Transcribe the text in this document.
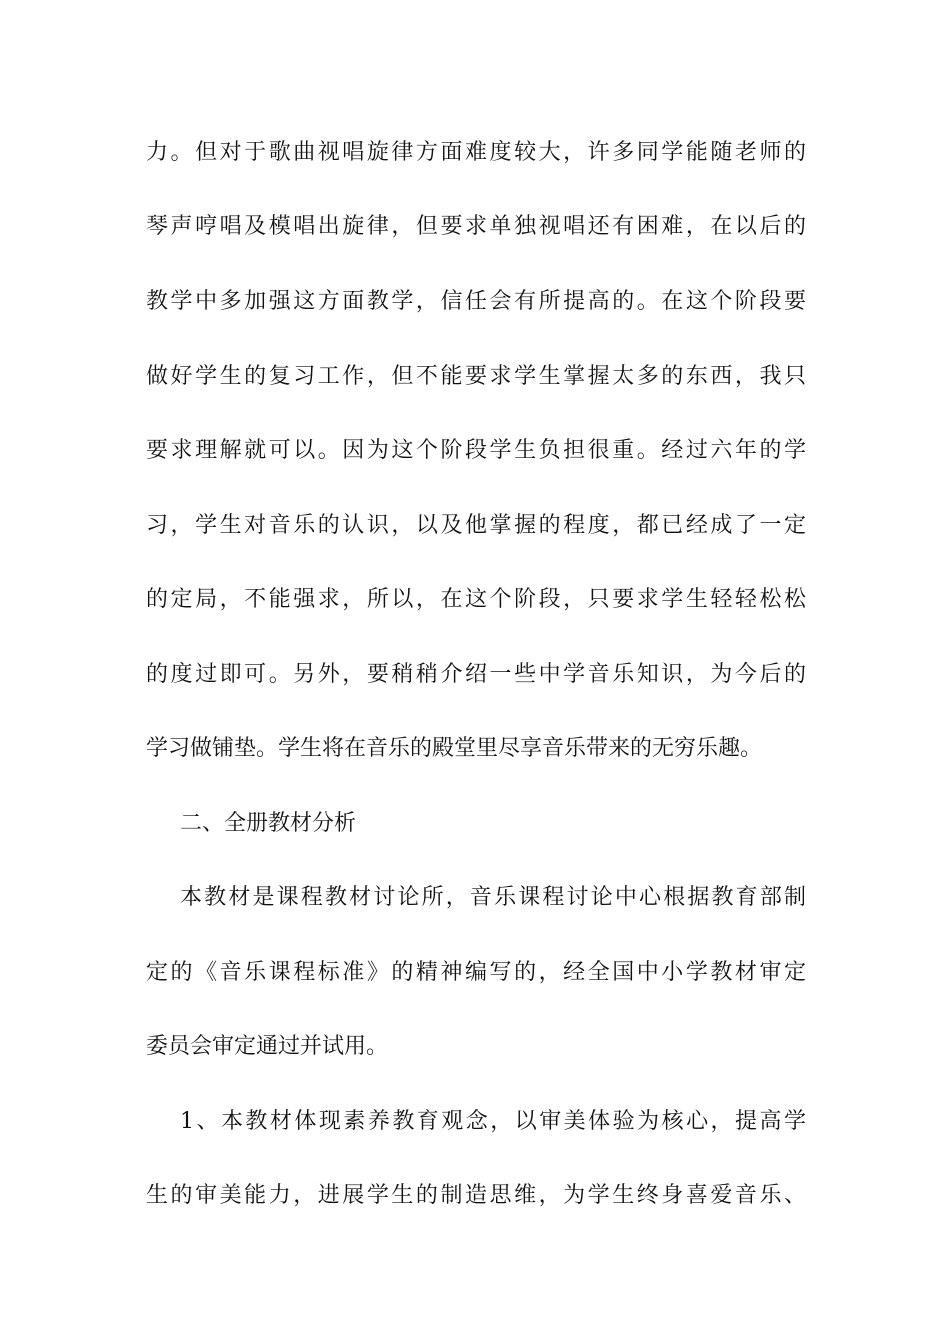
力。但对于歌曲视唱旋律方面难度较大，许多同学能随老师的
琴声哼唱及模唱出旋律，但要求单独视唱还有困难，在以后的
教学中多加强这方面教学，信任会有所提高的。在这个阶段要
做好学生的复习工作，但不能要求学生掌握太多的东西，我只
要求理解就可以。因为这个阶段学生负担很重。经过六年的学
习，学生对音乐的认识，以及他掌握的程度，都已经成了一定
的定局，不能强求，所以，在这个阶段，只要求学生轻轻松松
的度过即可。另外，要稍稍介绍一些中学音乐知识，为今后的
学习做铺垫。学生将在音乐的殿堂里尽享音乐带来的无穷乐趣。
二、全册教材分析
本教材是课程教材讨论所，音乐课程讨论中心根据教育部制
定的《音乐课程标准》的精神编写的，经全国中小学教材审定
委员会审定通过并试用。
1、本教材体现素养教育观念，以审美体验为核心，提高学
生的审美能力，进展学生的制造思维，为学生终身喜爱音乐、
